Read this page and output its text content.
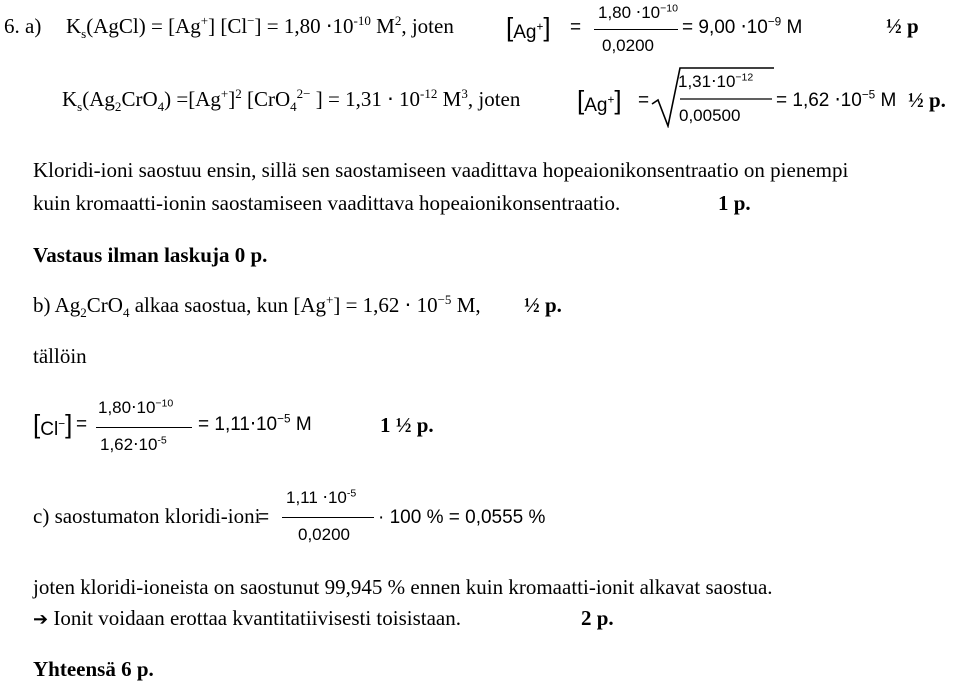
6. a) $K_s(AgCl) = [Ag^+] [Cl^-] = 1,80 \cdot 10^{-10}$ $M^2$, joten [Ag+] =
$1,80 \cdot 10^{-10}$
0,0200
= $9,00 \cdot 10^{-9}$ M	½ p
$K_s(Ag_2CrO_4) =[Ag^+]^2$ [CrO$_4^{2-}$ ] = $1,31 \cdot 10^{-12}$ $M^3$, joten [Ag+] =
$1,31\cdot 10^{-12}$
0,00500
= $1,62 \cdot 10^{-5}$ M ½ p.
Kloridi-ioni saostuu ensin, sillä sen saostamiseen vaadittava hopeaionikonsentraatio on pienempi
kuin kromaatti-ionin saostamiseen vaadittava hopeaionikonsentraatio.	1 p.
Vastaus ilman laskuja 0 p.
b) $Ag_2CrO_4$ alkaa saostua, kun $[Ag^+] = 1,62 \cdot 10^{-5}$ M, ½ p.
tällöin
[Cl−] =
$1,80\cdot 10^{-10}$
$1,62\cdot 10^{-5}$
= $1,11\cdot 10^{-5}$ M	1 ½ p.
c) saostumaton kloridi-ioni
=
$1,11 \cdot 10^{-5}$
0,0200
· 100 % = 0,0555 %
joten kloridi-ioneista on saostunut 99,945 % ennen kuin kromaatti-ionit alkavat saostua.
➔ Ionit voidaan erottaa kvantitatiivisesti toisistaan.	2 p.
Yhteensä 6 p.
